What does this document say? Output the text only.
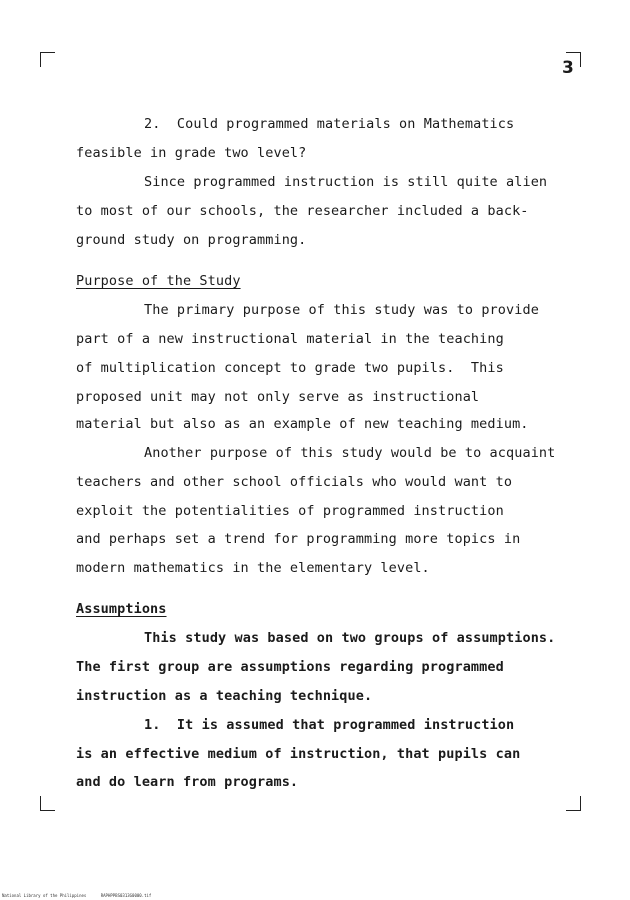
3
2.  Could programmed materials on Mathematics
feasible in grade two level?
Since programmed instruction is still quite alien
to most of our schools, the researcher included a back-
ground study on programming.
Purpose of the Study
The primary purpose of this study was to provide
part of a new instructional material in the teaching
of multiplication concept to grade two pupils.  This
proposed unit may not only serve as instructional
material but also as an example of new teaching medium.
Another purpose of this study would be to acquaint
teachers and other school officials who would want to
exploit the potentialities of programmed instruction
and perhaps set a trend for programming more topics in
modern mathematics in the elementary level.
Assumptions
This study was based on two groups of assumptions.
The first group are assumptions regarding programmed
instruction as a teaching technique.
1.  It is assumed that programmed instruction
is an effective medium of instruction, that pupils can
and do learn from programs.
National Library of the Philippines      RAPHPPBS0313G0000.tif
